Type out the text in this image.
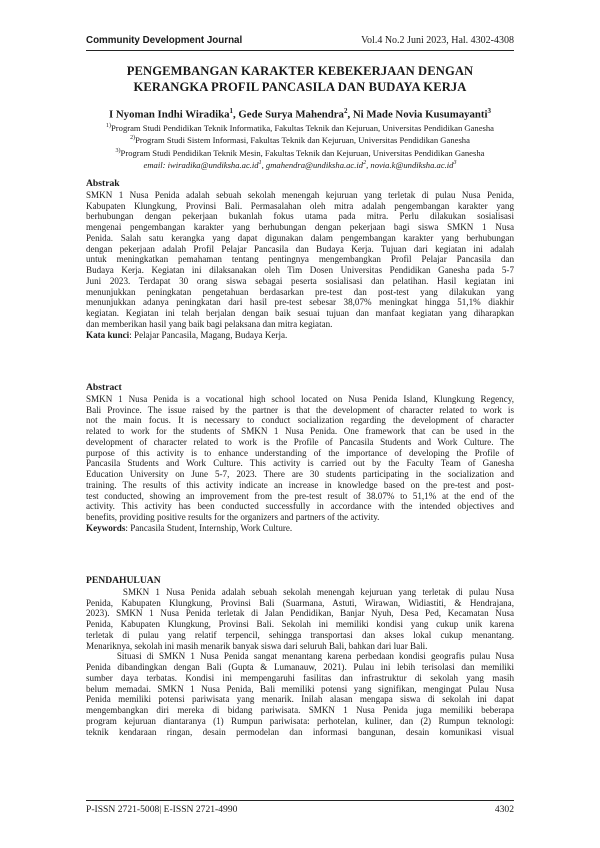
Community Development Journal	Vol.4 No.2 Juni 2023, Hal. 4302-4308
PENGEMBANGAN KARAKTER KEBEKERJAAN DENGAN
KERANGKA PROFIL PANCASILA DAN BUDAYA KERJA
I Nyoman Indhi Wiradika$^1$, Gede Surya Mahendra$^2$, Ni Made Novia Kusumayanti$^3$
$^{1)}$Program Studi Pendidikan Teknik Informatika, Fakultas Teknik dan Kejuruan, Universitas Pendidikan Ganesha
$^{2)}$Program Studi Sistem Informasi, Fakultas Teknik dan Kejuruan, Universitas Pendidikan Ganesha
$^{3)}$Program Studi Pendidikan Teknik Mesin, Fakultas Teknik dan Kejuruan, Universitas Pendidikan Ganesha
email: $iwiradika@undiksha.ac.id^1$, $gmahendra@undiksha.ac.id^2$, $novia.k@undiksha.ac.id^3$
Abstrak
SMKN 1 Nusa Penida adalah sebuah sekolah menengah kejuruan yang terletak di pulau Nusa Penida,
Kabupaten Klungkung, Provinsi Bali. Permasalahan oleh mitra adalah pengembangan karakter yang
berhubungan dengan pekerjaan bukanlah fokus utama pada mitra. Perlu dilakukan sosialisasi
mengenai pengembangan karakter yang berhubungan dengan pekerjaan bagi siswa SMKN 1 Nusa
Penida. Salah satu kerangka yang dapat digunakan dalam pengembangan karakter yang berhubungan
dengan pekerjaan adalah Profil Pelajar Pancasila dan Budaya Kerja. Tujuan dari kegiatan ini adalah
untuk meningkatkan pemahaman tentang pentingnya mengembangkan Profil Pelajar Pancasila dan
Budaya Kerja. Kegiatan ini dilaksanakan oleh Tim Dosen Universitas Pendidikan Ganesha pada 5-7
Juni 2023. Terdapat 30 orang siswa sebagai peserta sosialisasi dan pelatihan. Hasil kegiatan ini
menunjukkan peningkatan pengetahuan berdasarkan pre-test dan post-test yang dilakukan yang
menunjukkan adanya peningkatan dari hasil pre-test sebesar 38,07% meningkat hingga 51,1% diakhir
kegiatan. Kegiatan ini telah berjalan dengan baik sesuai tujuan dan manfaat kegiatan yang diharapkan
dan memberikan hasil yang baik bagi pelaksana dan mitra kegiatan.
Kata kunci: Pelajar Pancasila, Magang, Budaya Kerja.
Abstract
SMKN 1 Nusa Penida is a vocational high school located on Nusa Penida Island, Klungkung Regency,
Bali Province. The issue raised by the partner is that the development of character related to work is
not the main focus. It is necessary to conduct socialization regarding the development of character
related to work for the students of SMKN 1 Nusa Penida. One framework that can be used in the
development of character related to work is the Profile of Pancasila Students and Work Culture. The
purpose of this activity is to enhance understanding of the importance of developing the Profile of
Pancasila Students and Work Culture. This activity is carried out by the Faculty Team of Ganesha
Education University on June 5-7, 2023. There are 30 students participating in the socialization and
training. The results of this activity indicate an increase in knowledge based on the pre-test and post-
test conducted, showing an improvement from the pre-test result of 38.07% to 51,1% at the end of the
activity. This activity has been conducted successfully in accordance with the intended objectives and
benefits, providing positive results for the organizers and partners of the activity.
Keywords: Pancasila Student, Internship, Work Culture.
PENDAHULUAN
SMKN 1 Nusa Penida adalah sebuah sekolah menengah kejuruan yang terletak di pulau Nusa
Penida, Kabupaten Klungkung, Provinsi Bali (Suarmana, Astuti, Wirawan, Widiastiti, & Hendrajana,
2023). SMKN 1 Nusa Penida terletak di Jalan Pendidikan, Banjar Nyuh, Desa Ped, Kecamatan Nusa
Penida, Kabupaten Klungkung, Provinsi Bali. Sekolah ini memiliki kondisi yang cukup unik karena
terletak di pulau yang relatif terpencil, sehingga transportasi dan akses lokal cukup menantang.
Menariknya, sekolah ini masih menarik banyak siswa dari seluruh Bali, bahkan dari luar Bali.
Situasi di SMKN 1 Nusa Penida sangat menantang karena perbedaan kondisi geografis pulau Nusa
Penida dibandingkan dengan Bali (Gupta & Lumanauw, 2021). Pulau ini lebih terisolasi dan memiliki
sumber daya terbatas. Kondisi ini mempengaruhi fasilitas dan infrastruktur di sekolah yang masih
belum memadai. SMKN 1 Nusa Penida, Bali memiliki potensi yang signifikan, mengingat Pulau Nusa
Penida memiliki potensi pariwisata yang menarik. Inilah alasan mengapa siswa di sekolah ini dapat
mengembangkan diri mereka di bidang pariwisata. SMKN 1 Nusa Penida juga memiliki beberapa
program kejuruan diantaranya (1) Rumpun pariwisata: perhotelan, kuliner, dan (2) Rumpun teknologi:
teknik kendaraan ringan, desain permodelan dan informasi bangunan, desain komunikasi visual
P-ISSN 2721-5008| E-ISSN 2721-4990	4302
